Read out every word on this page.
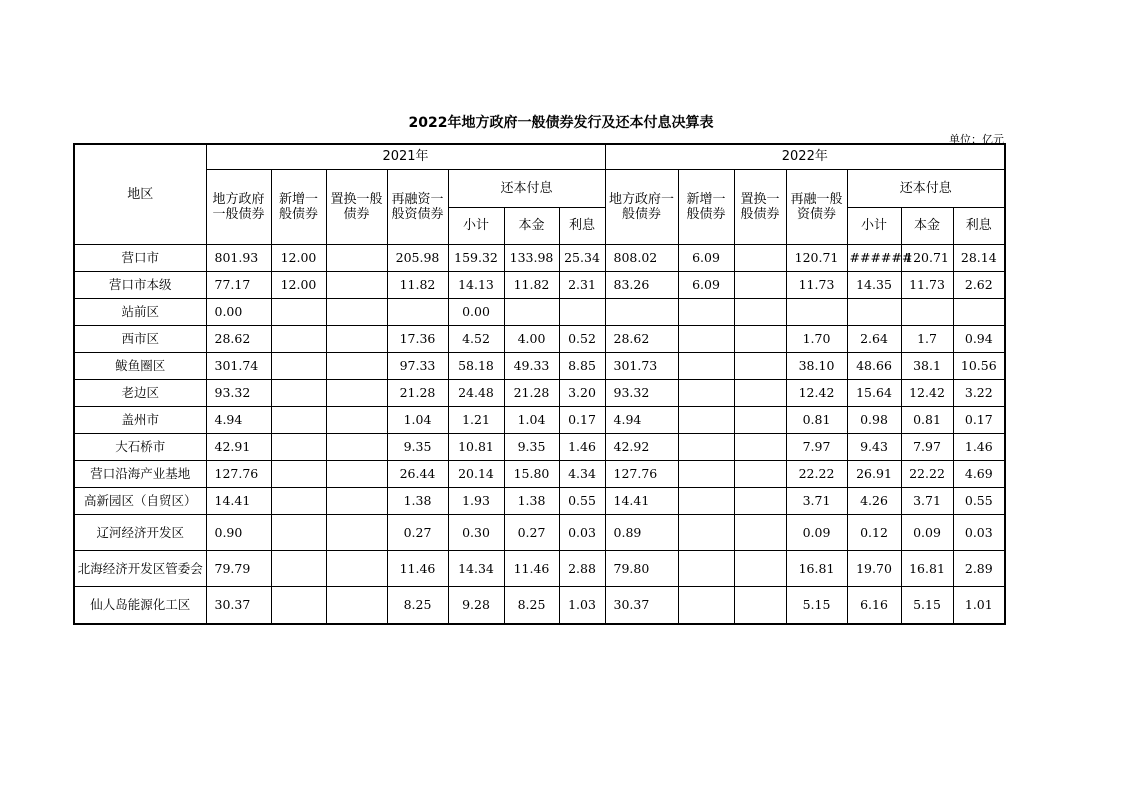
2022年地方政府一般债券发行及还本付息决算表
单位：亿元
地区	2021年							2022年						
	地方政府一般债券	新增一般债券	置换一般债券	再融资一般资债券	还本付息			地方政府一般债券	新增一般债券	置换一般债券	再融一般资债券	还本付息		
					小计	本金	利息					小计	本金	利息
营口市	801.93	12.00		205.98	159.32	133.98	25.34	808.02	6.09		120.71	######	120.71	28.14
营口市本级	77.17	12.00		11.82	14.13	11.82	2.31	83.26	6.09		11.73	14.35	11.73	2.62
站前区	0.00				0.00									
西市区	28.62			17.36	4.52	4.00	0.52	28.62			1.70	2.64	1.7	0.94
鲅鱼圈区	301.74			97.33	58.18	49.33	8.85	301.73			38.10	48.66	38.1	10.56
老边区	93.32			21.28	24.48	21.28	3.20	93.32			12.42	15.64	12.42	3.22
盖州市	4.94			1.04	1.21	1.04	0.17	4.94			0.81	0.98	0.81	0.17
大石桥市	42.91			9.35	10.81	9.35	1.46	42.92			7.97	9.43	7.97	1.46
营口沿海产业基地	127.76			26.44	20.14	15.80	4.34	127.76			22.22	26.91	22.22	4.69
高新园区（自贸区）	14.41			1.38	1.93	1.38	0.55	14.41			3.71	4.26	3.71	0.55
辽河经济开发区	0.90			0.27	0.30	0.27	0.03	0.89			0.09	0.12	0.09	0.03
北海经济开发区管委会	79.79			11.46	14.34	11.46	2.88	79.80			16.81	19.70	16.81	2.89
仙人岛能源化工区	30.37			8.25	9.28	8.25	1.03	30.37			5.15	6.16	5.15	1.01
